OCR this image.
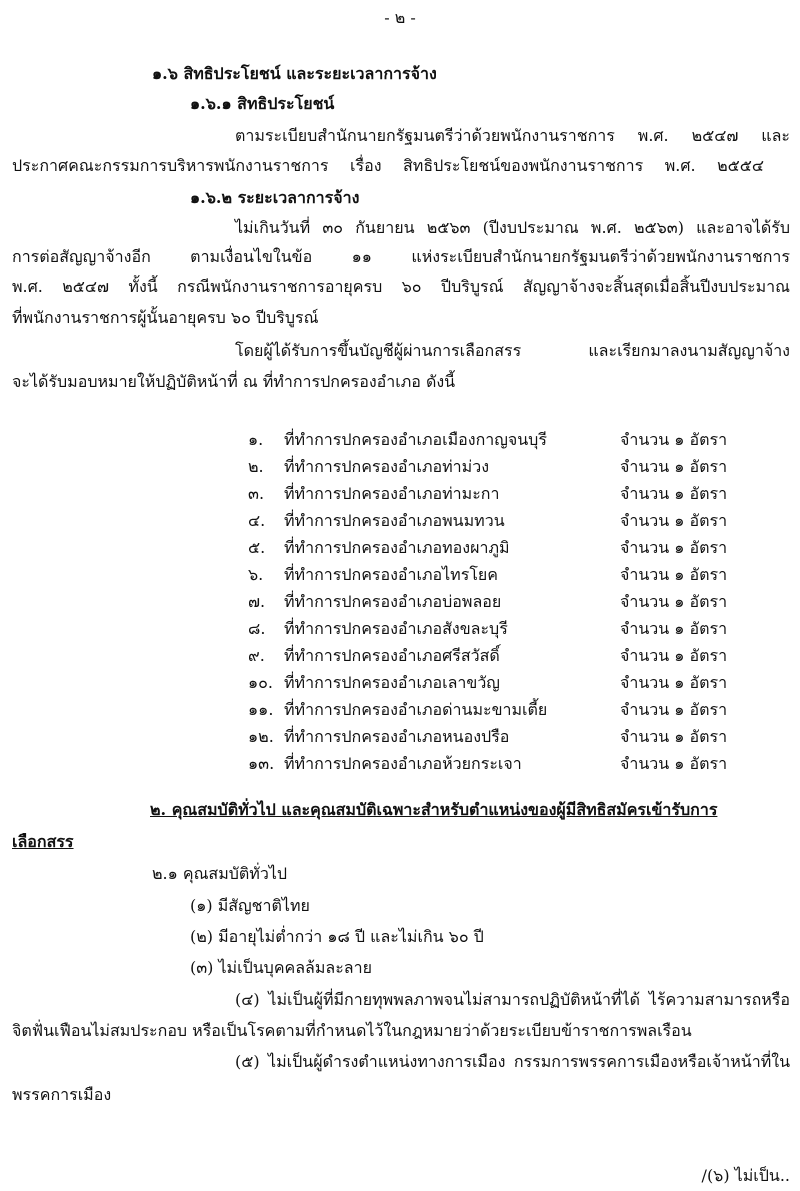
- ๒ -
๑.๖ สิทธิประโยชน์ และระยะเวลาการจ้าง
๑.๖.๑ สิทธิประโยชน์
ตามระเบียบสำนักนายกรัฐมนตรีว่าด้วยพนักงานราชการ พ.ศ. ๒๕๔๗ และ
ประกาศคณะกรรมการบริหารพนักงานราชการ เรื่อง สิทธิประโยชน์ของพนักงานราชการ พ.ศ. ๒๕๕๔
๑.๖.๒ ระยะเวลาการจ้าง
ไม่เกินวันที่ ๓๐ กันยายน ๒๕๖๓ (ปีงบประมาณ พ.ศ. ๒๕๖๓) และอาจได้รับ
การต่อสัญญาจ้างอีก ตามเงื่อนไขในข้อ ๑๑ แห่งระเบียบสำนักนายกรัฐมนตรีว่าด้วยพนักงานราชการ
พ.ศ. ๒๕๔๗ ทั้งนี้ กรณีพนักงานราชการอายุครบ ๖๐ ปีบริบูรณ์ สัญญาจ้างจะสิ้นสุดเมื่อสิ้นปีงบประมาณ
ที่พนักงานราชการผู้นั้นอายุครบ ๖๐ ปีบริบูรณ์
โดยผู้ได้รับการขึ้นบัญชีผู้ผ่านการเลือกสรร และเรียกมาลงนามสัญญาจ้าง
จะได้รับมอบหมายให้ปฏิบัติหน้าที่ ณ ที่ทำการปกครองอำเภอ ดังนี้
๑.	ที่ทำการปกครองอำเภอเมืองกาญจนบุรี	จำนวน ๑ อัตรา
๒.	ที่ทำการปกครองอำเภอท่าม่วง	จำนวน ๑ อัตรา
๓.	ที่ทำการปกครองอำเภอท่ามะกา	จำนวน ๑ อัตรา
๔.	ที่ทำการปกครองอำเภอพนมทวน	จำนวน ๑ อัตรา
๕.	ที่ทำการปกครองอำเภอทองผาภูมิ	จำนวน ๑ อัตรา
๖.	ที่ทำการปกครองอำเภอไทรโยค	จำนวน ๑ อัตรา
๗.	ที่ทำการปกครองอำเภอบ่อพลอย	จำนวน ๑ อัตรา
๘.	ที่ทำการปกครองอำเภอสังขละบุรี	จำนวน ๑ อัตรา
๙.	ที่ทำการปกครองอำเภอศรีสวัสดิ์	จำนวน ๑ อัตรา
๑๐. ที่ทำการปกครองอำเภอเลาขวัญ	จำนวน ๑ อัตรา
๑๑. ที่ทำการปกครองอำเภอด่านมะขามเตี้ย	จำนวน ๑ อัตรา
๑๒. ที่ทำการปกครองอำเภอหนองปรือ	จำนวน ๑ อัตรา
๑๓. ที่ทำการปกครองอำเภอห้วยกระเจา	จำนวน ๑ อัตรา
๒. คุณสมบัติทั่วไป และคุณสมบัติเฉพาะสำหรับตำแหน่งของผู้มีสิทธิสมัครเข้ารับการ
เลือกสรร
๒.๑ คุณสมบัติทั่วไป
(๑) มีสัญชาติไทย
(๒) มีอายุไม่ต่ำกว่า ๑๘ ปี และไม่เกิน ๖๐ ปี
(๓) ไม่เป็นบุคคลล้มละลาย
(๔) ไม่เป็นผู้ที่มีกายทุพพลภาพจนไม่สามารถปฏิบัติหน้าที่ได้ ไร้ความสามารถหรือ
จิตฟั่นเฟือนไม่สมประกอบ หรือเป็นโรคตามที่กำหนดไว้ในกฎหมายว่าด้วยระเบียบข้าราชการพลเรือน
(๕) ไม่เป็นผู้ดำรงตำแหน่งทางการเมือง กรรมการพรรคการเมืองหรือเจ้าหน้าที่ใน
พรรคการเมือง
/(๖) ไม่เป็น..
